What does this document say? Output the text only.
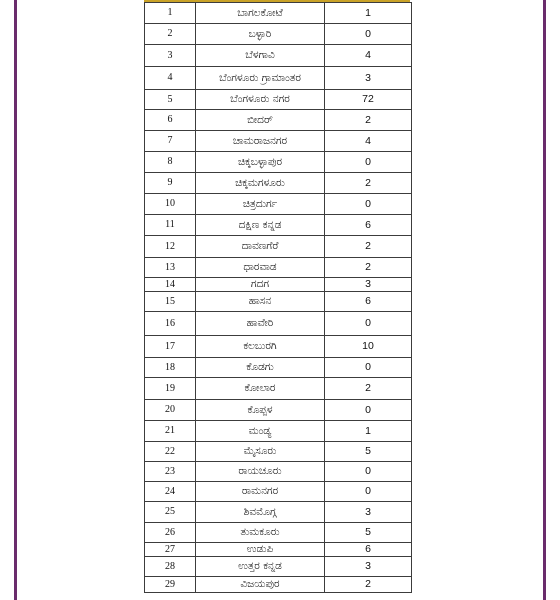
1	ಬಾಗಲಕೋಟೆ	1
2	ಬಳ್ಳಾರಿ	0
3	ಬೆಳಗಾವಿ	4
4	ಬೆಂಗಳೂರು ಗ್ರಾಮಾಂತರ	3
5	ಬೆಂಗಳೂರು ನಗರ	72
6	ಬೀದರ್	2
7	ಚಾಮರಾಜನಗರ	4
8	ಚಿಕ್ಕಬಳ್ಳಾಪುರ	0
9	ಚಿಕ್ಕಮಗಳೂರು	2
10	ಚಿತ್ರದುರ್ಗ	0
11	ದಕ್ಷಿಣ ಕನ್ನಡ	6
12	ದಾವಣಗೆರೆ	2
13	ಧಾರವಾಡ	2
14	ಗದಗ	3
15	ಹಾಸನ	6
16	ಹಾವೇರಿ	0
17	ಕಲಬುರಗಿ	10
18	ಕೊಡಗು	0
19	ಕೋಲಾರ	2
20	ಕೊಪ್ಪಳ	0
21	ಮಂಡ್ಯ	1
22	ಮೈಸೂರು	5
23	ರಾಯಚೂರು	0
24	ರಾಮನಗರ	0
25	ಶಿವಮೊಗ್ಗ	3
26	ತುಮಕೂರು	5
27	ಉಡುಪಿ	6
28	ಉತ್ತರ ಕನ್ನಡ	3
29	ವಿಜಯಪುರ	2
